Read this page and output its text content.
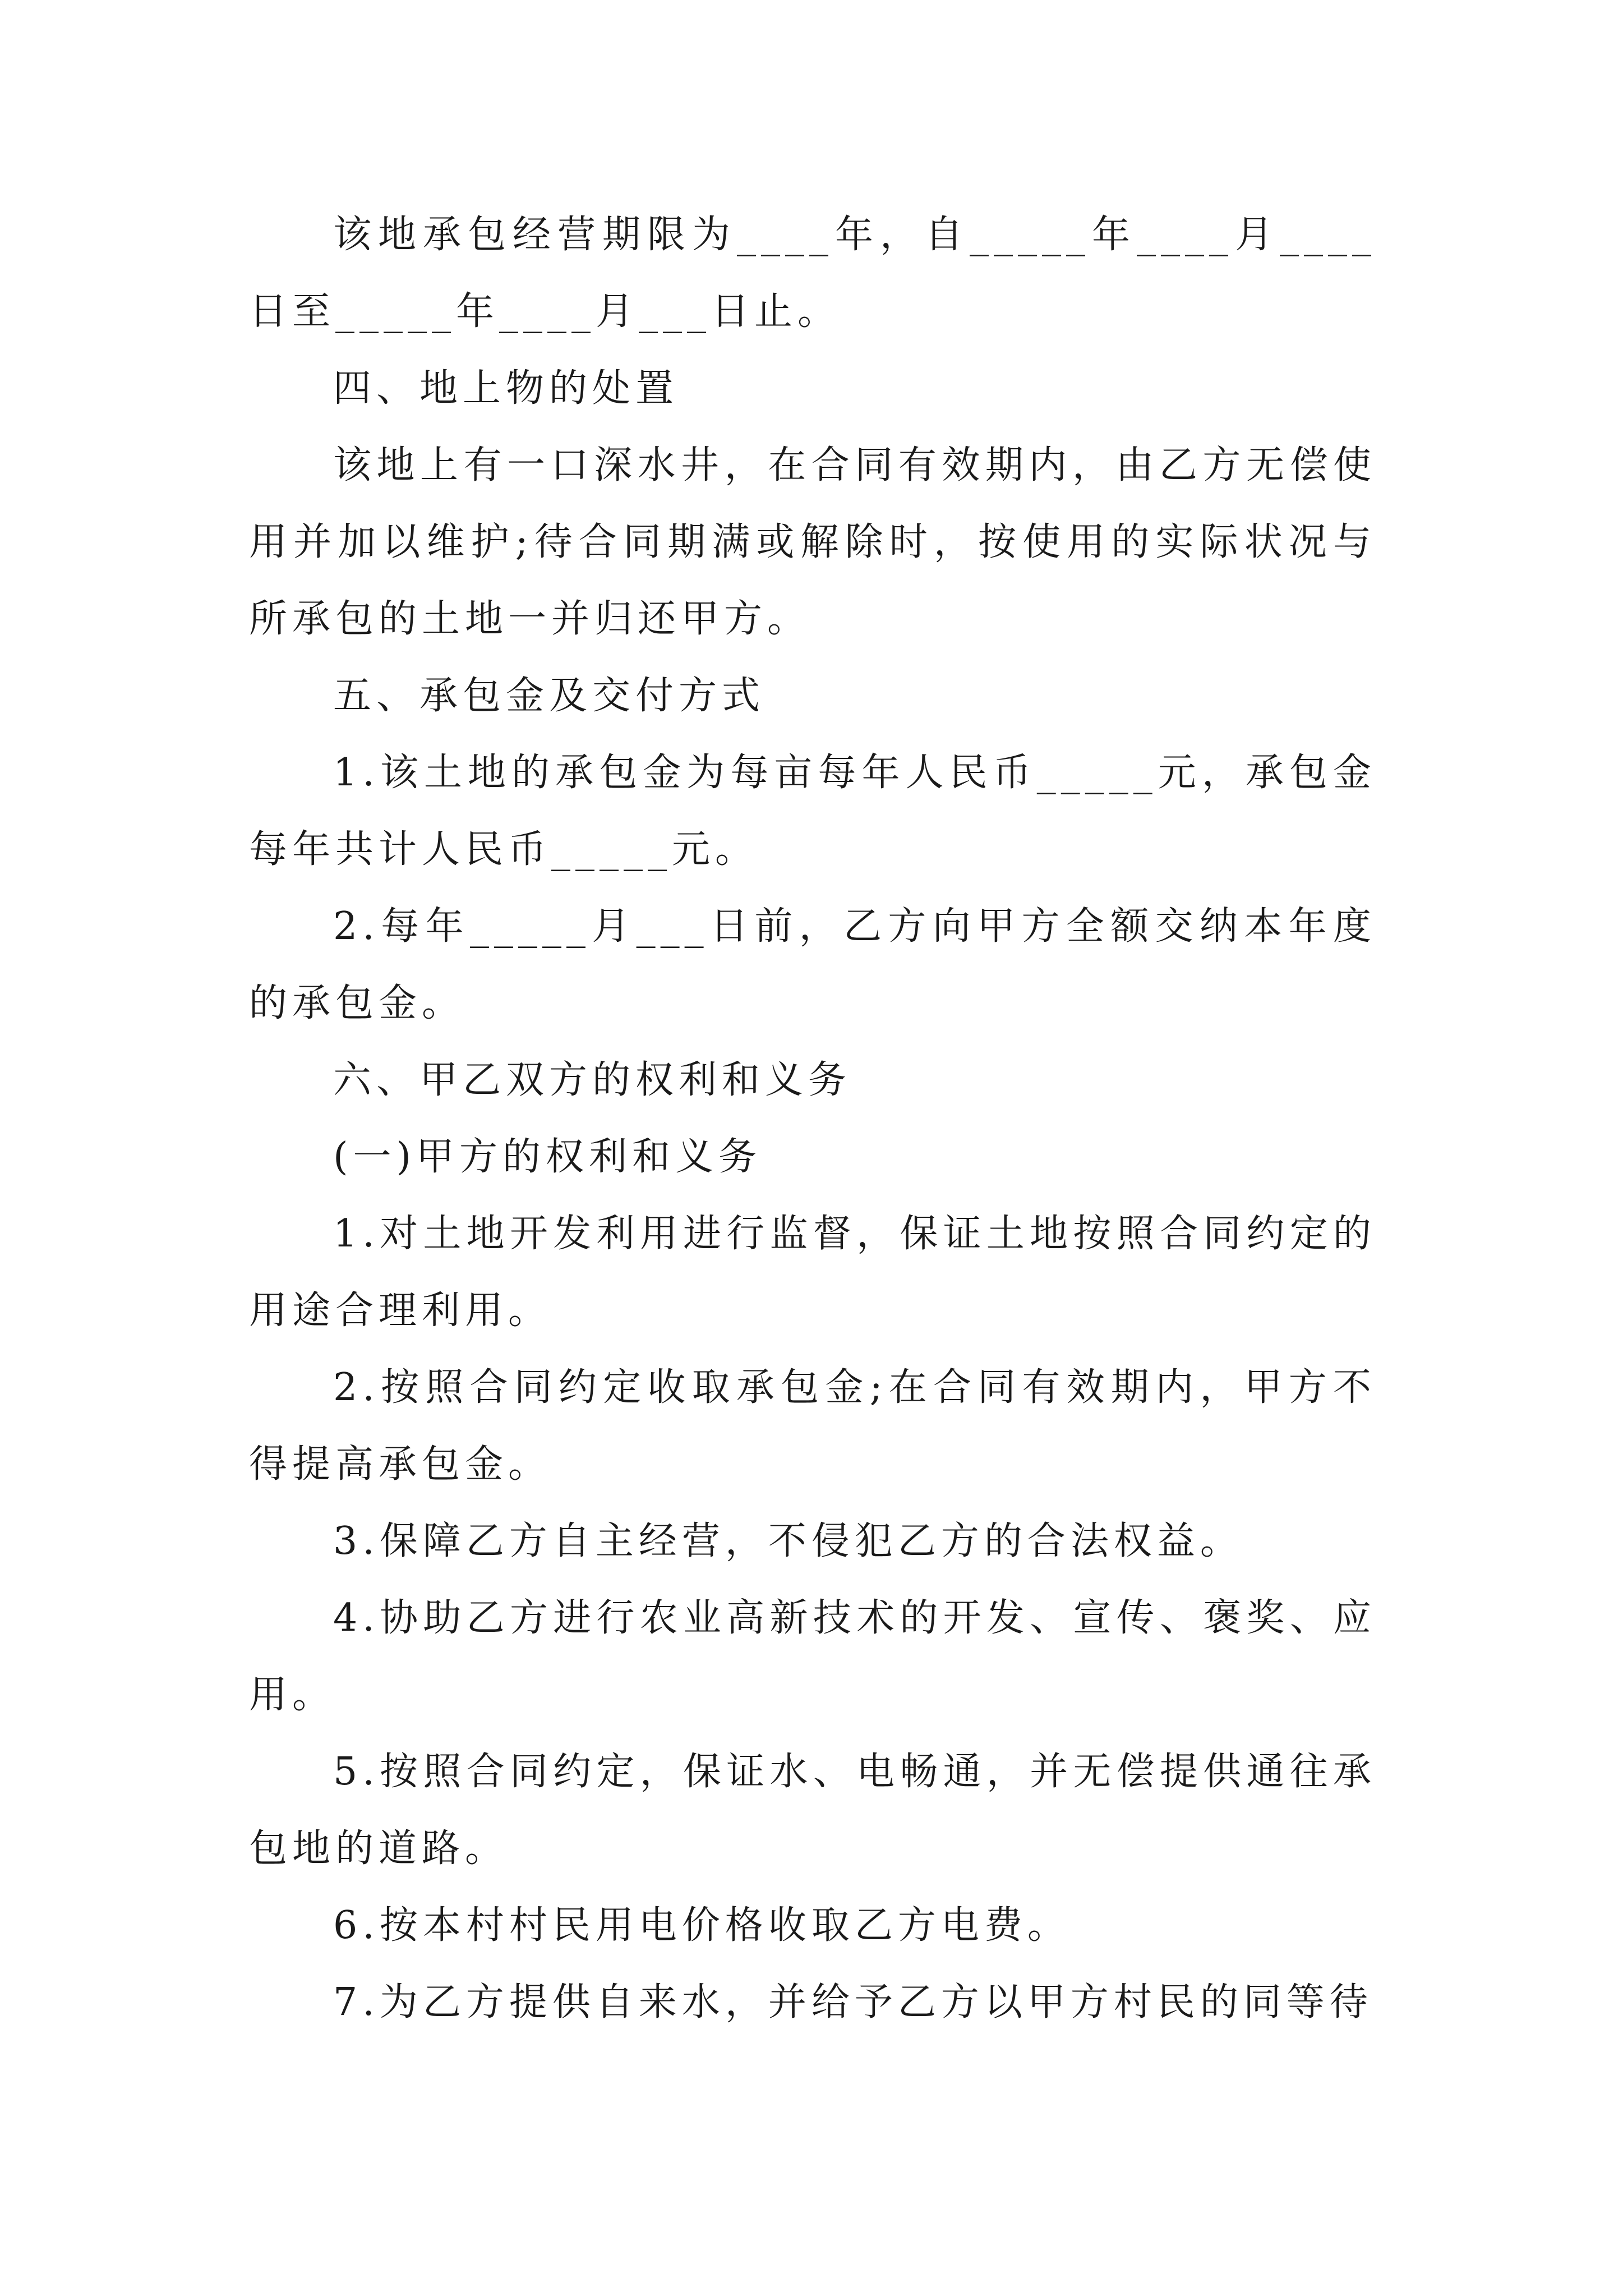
该地承包经营期限为____年，自_____年____月____日至_____年____月___日止。

四、地上物的处置

该地上有一口深水井，在合同有效期内，由乙方无偿使用并加以维护;待合同期满或解除时，按使用的实际状况与所承包的土地一并归还甲方。

五、承包金及交付方式

1.该土地的承包金为每亩每年人民币_____元，承包金每年共计人民币_____元。

2.每年_____月___日前，乙方向甲方全额交纳本年度的承包金。

六、甲乙双方的权利和义务

(一)甲方的权利和义务

1.对土地开发利用进行监督，保证土地按照合同约定的用途合理利用。

2.按照合同约定收取承包金;在合同有效期内，甲方不得提高承包金。

3.保障乙方自主经营，不侵犯乙方的合法权益。

4.协助乙方进行农业高新技术的开发、宣传、褒奖、应用。

5.按照合同约定，保证水、电畅通，并无偿提供通往承包地的道路。

6.按本村村民用电价格收取乙方电费。

7.为乙方提供自来水，并给予乙方以甲方村民的同等待
